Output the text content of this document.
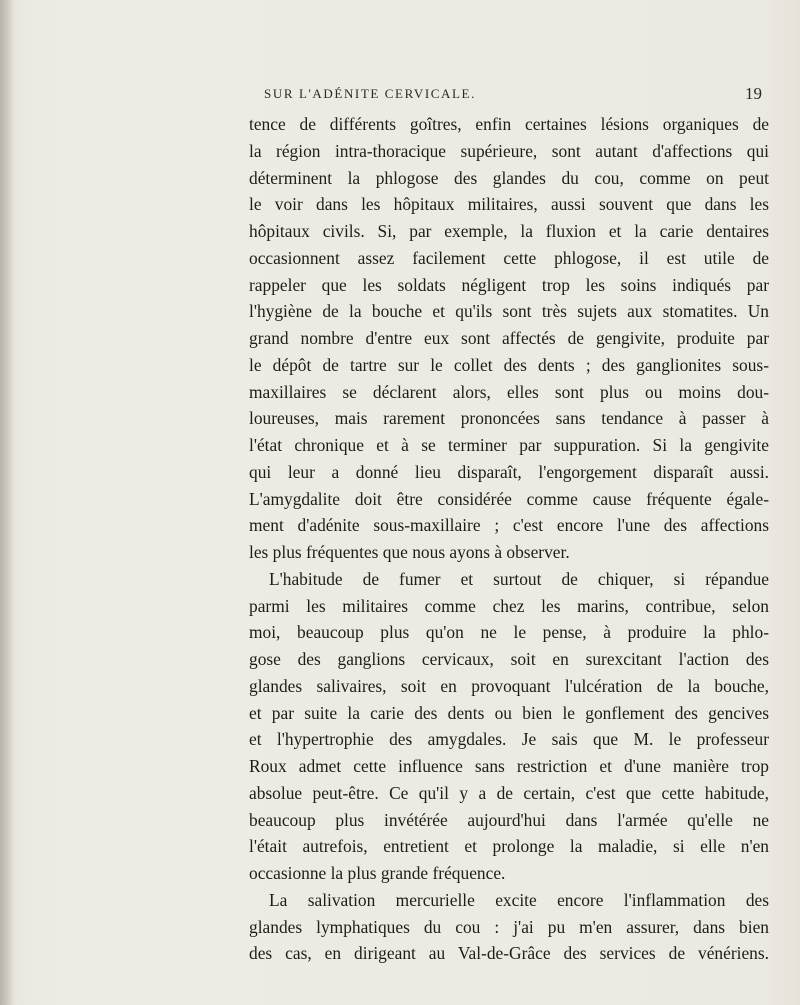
SUR L'ADÉNITE CERVICALE.	19
tence de différents goîtres, enfin certaines lésions organiques de
la région intra-thoracique supérieure, sont autant d'affections qui
déterminent la phlogose des glandes du cou, comme on peut
le voir dans les hôpitaux militaires, aussi souvent que dans les
hôpitaux civils. Si, par exemple, la fluxion et la carie dentaires
occasionnent assez facilement cette phlogose, il est utile de
rappeler que les soldats négligent trop les soins indiqués par
l'hygiène de la bouche et qu'ils sont très sujets aux stomatites. Un
grand nombre d'entre eux sont affectés de gengivite, produite par
le dépôt de tartre sur le collet des dents ; des ganglionites sous-
maxillaires se déclarent alors, elles sont plus ou moins dou-
loureuses, mais rarement prononcées sans tendance à passer à
l'état chronique et à se terminer par suppuration. Si la gengivite
qui leur a donné lieu disparaît, l'engorgement disparaît aussi.
L'amygdalite doit être considérée comme cause fréquente égale-
ment d'adénite sous-maxillaire ; c'est encore l'une des affections
les plus fréquentes que nous ayons à observer.
L'habitude de fumer et surtout de chiquer, si répandue
parmi les militaires comme chez les marins, contribue, selon
moi, beaucoup plus qu'on ne le pense, à produire la phlo-
gose des ganglions cervicaux, soit en surexcitant l'action des
glandes salivaires, soit en provoquant l'ulcération de la bouche,
et par suite la carie des dents ou bien le gonflement des gencives
et l'hypertrophie des amygdales. Je sais que M. le professeur
Roux admet cette influence sans restriction et d'une manière trop
absolue peut-être. Ce qu'il y a de certain, c'est que cette habitude,
beaucoup plus invétérée aujourd'hui dans l'armée qu'elle ne
l'était autrefois, entretient et prolonge la maladie, si elle n'en
occasionne la plus grande fréquence.
La salivation mercurielle excite encore l'inflammation des
glandes lymphatiques du cou : j'ai pu m'en assurer, dans bien
des cas, en dirigeant au Val-de-Grâce des services de vénériens.
